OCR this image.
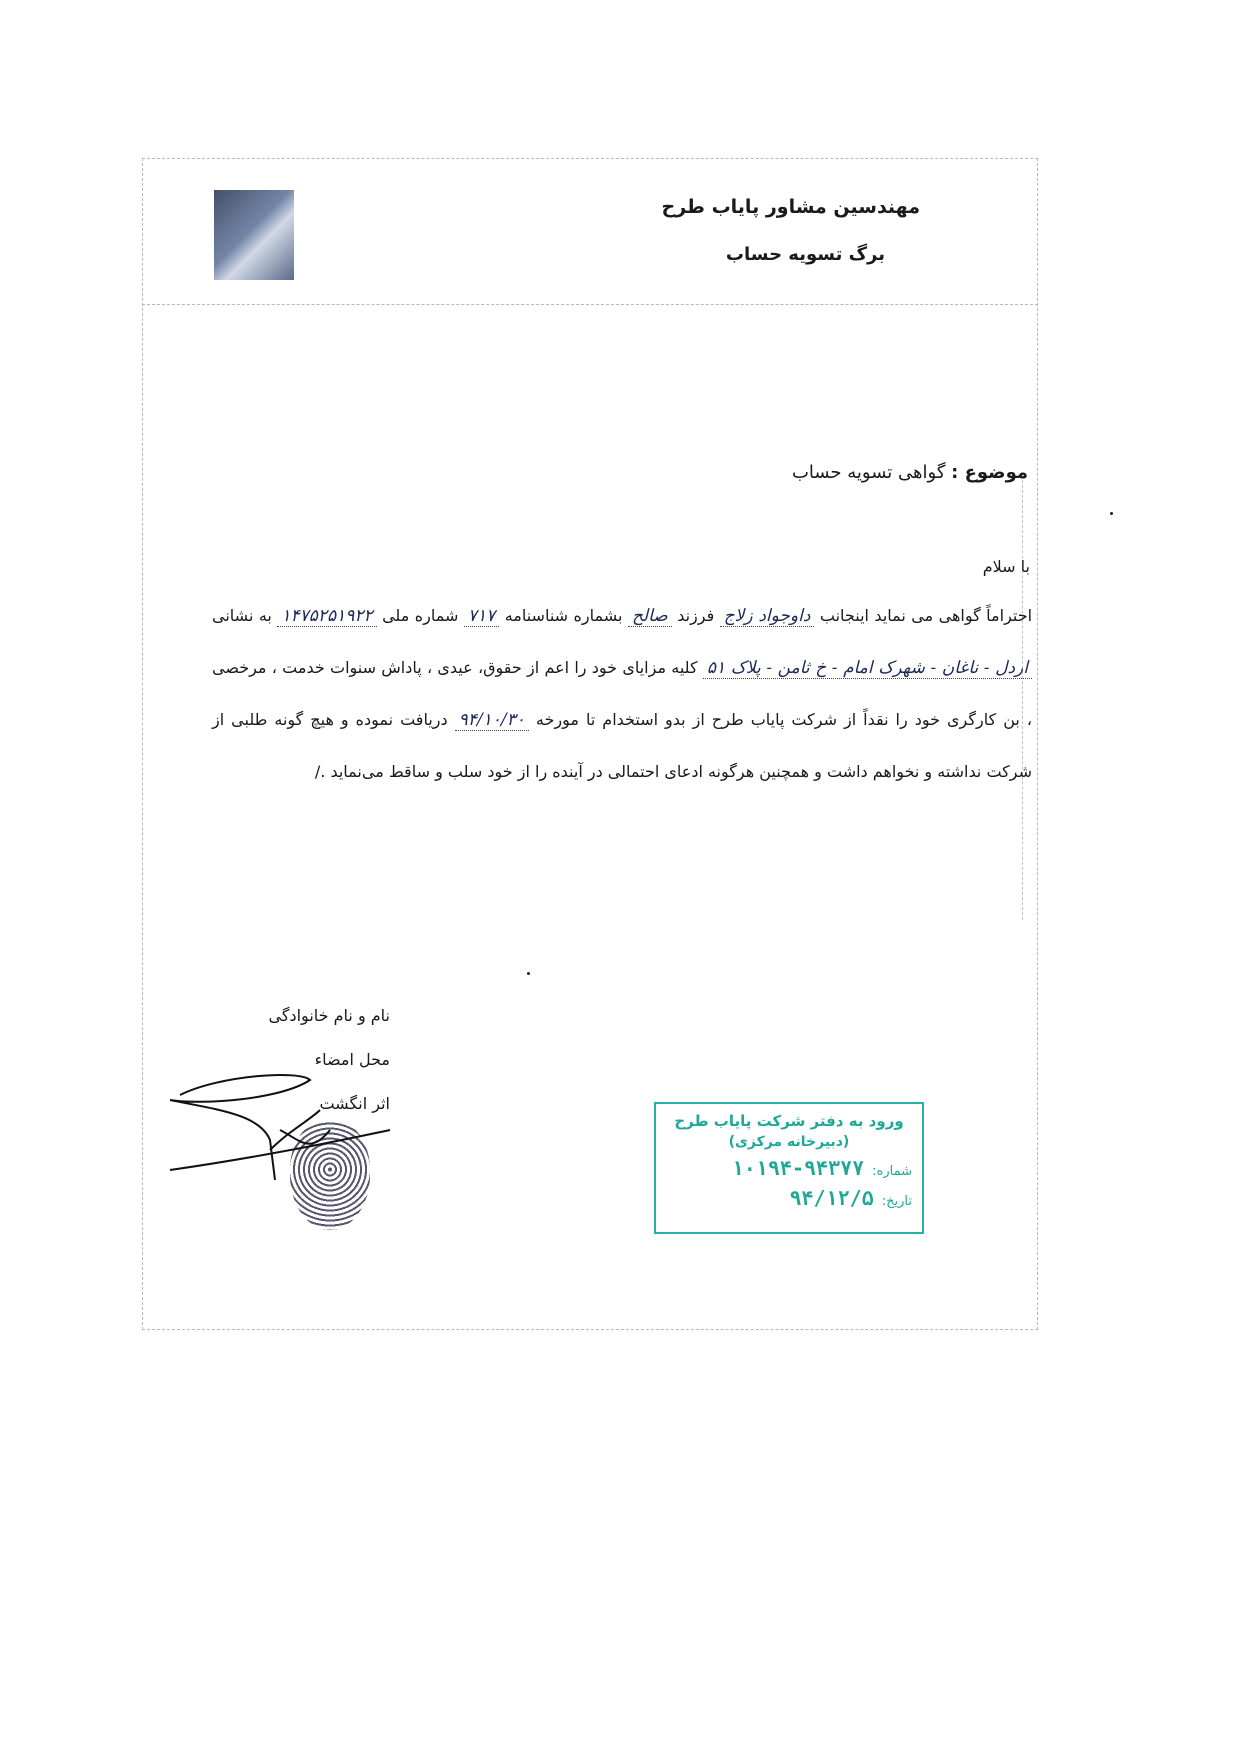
مهندسین مشاور پایاب طرح
برگ تسویه حساب
موضوع : گواهی تسویه حساب
با سلام
احتراماً گواهی می نماید اینجانب داوجواد زلاج فرزند صالح بشماره شناسنامه ۷۱۷ شماره ملی ۱۴۷۵۲۵۱۹۲۲ به نشانی اردل - ناغان - شهرک امام - خ ثامن - پلاک ۵۱ کلیه مزایای خود را اعم از حقوق، عیدی ، پاداش سنوات خدمت ، مرخصی ، بن کارگری خود را نقداً از شرکت پایاب طرح از بدو استخدام تا مورخه ۹۴/۱۰/۳۰ دریافت نموده و هیچ گونه طلبی از شرکت نداشته و نخواهم داشت و همچنین هرگونه ادعای احتمالی در آینده را از خود سلب و ساقط می‌نماید ./
نام و نام خانوادگی
محل امضاء
اثر انگشت
ورود به دفتر شرکت پایاب طرح
(دبیرخانه مرکزی)
شماره:
۱۰۱۹۴-۹۴۳۷۷
تاریخ:
۹۴/۱۲/۵
